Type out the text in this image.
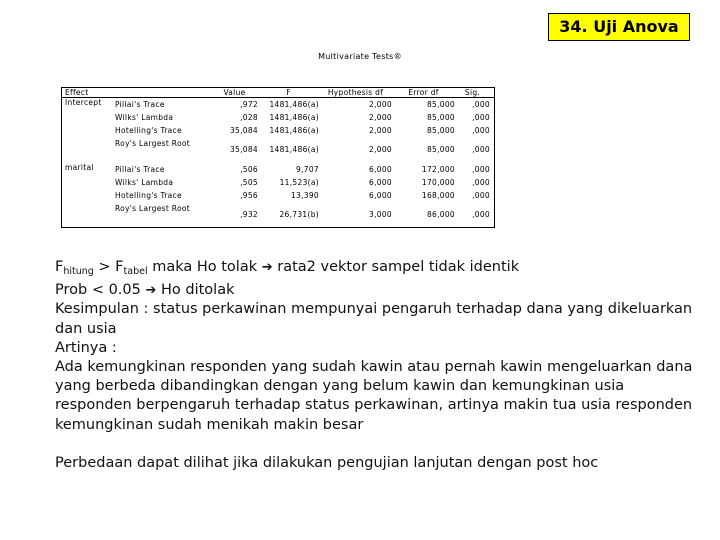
34. Uji Anova
Multivariate Tests®
Effect		Value	F	Hypothesis df	Error df	Sig.
Intercept	Pillai's Trace	,972	1481,486(a)	2,000	85,000	,000
	Wilks' Lambda	,028	1481,486(a)	2,000	85,000	,000
	Hotelling's Trace	35,084	1481,486(a)	2,000	85,000	,000
	Roy's Largest Root	35,084	1481,486(a)	2,000	85,000	,000
marital	Pillai's Trace	,506	9,707	6,000	172,000	,000
	Wilks' Lambda	,505	11,523(a)	6,000	170,000	,000
	Hotelling's Trace	,956	13,390	6,000	168,000	,000
	Roy's Largest Root	,932	26,731(b)	3,000	86,000	,000

$F_{hitung} > F_{tabel}$ maka Ho tolak ➔ rata2 vektor sampel tidak identik

Prob < 0.05 ➔ Ho ditolak

Kesimpulan : status perkawinan mempunyai pengaruh terhadap dana yang dikeluarkan dan usia

Artinya :

Ada kemungkinan responden yang sudah kawin atau pernah kawin mengeluarkan dana yang berbeda dibandingkan dengan yang belum kawin dan kemungkinan usia responden berpengaruh terhadap status perkawinan, artinya makin tua usia responden kemungkinan sudah menikah makin besar

Perbedaan dapat dilihat jika dilakukan pengujian lanjutan dengan post hoc
